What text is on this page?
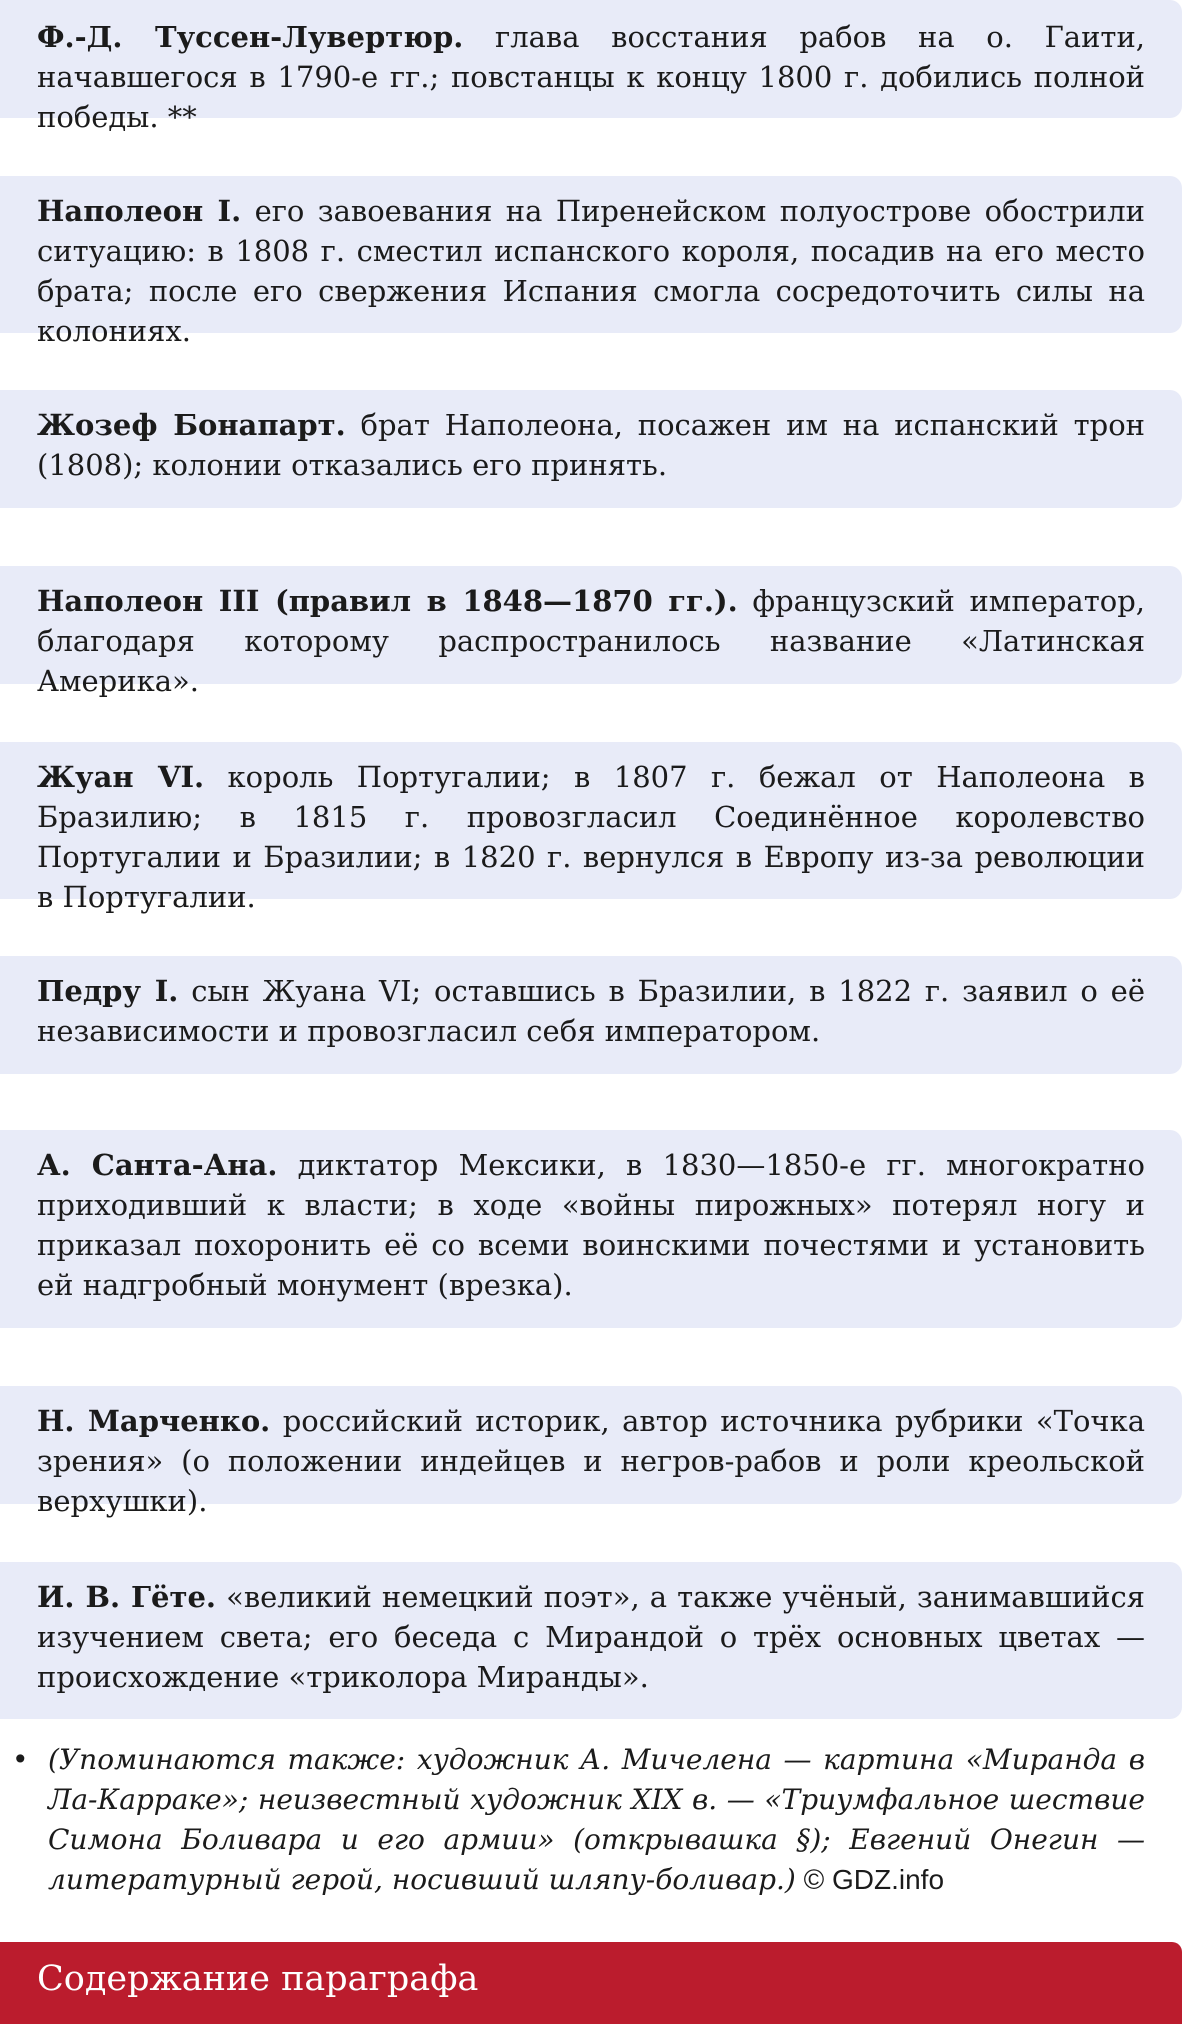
Ф.-Д. Туссен-Лувертюр. глава восстания рабов на о. Гаити, начавшегося в 1790-е гг.; повстанцы к концу 1800 г. добились полной победы. **

Наполеон I. его завоевания на Пиренейском полуострове обострили ситуацию: в 1808 г. сместил испанского короля, посадив на его место брата; после его свержения Испания смогла сосредоточить силы на колониях.

Жозеф Бонапарт. брат Наполеона, посажен им на испанский трон (1808); колонии отказались его принять.

Наполеон III (правил в 1848—1870 гг.). французский император, благодаря которому распространилось название «Латинская Америка».

Жуан VI. король Португалии; в 1807 г. бежал от Наполеона в Бразилию; в 1815 г. провозгласил Соединённое королевство Португалии и Бразилии; в 1820 г. вернулся в Европу из-за революции в Португалии.

Педру I. сын Жуана VI; оставшись в Бразилии, в 1822 г. заявил о её независимости и провозгласил себя императором.

А. Санта-Ана. диктатор Мексики, в 1830—1850-е гг. многократно приходивший к власти; в ходе «войны пирожных» потерял ногу и приказал похоронить её со всеми воинскими почестями и установить ей надгробный монумент (врезка).

Н. Марченко. российский историк, автор источника рубрики «Точка зрения» (о положении индейцев и негров-рабов и роли креольской верхушки).

И. В. Гёте. «великий немецкий поэт», а также учёный, занимавшийся изучением света; его беседа с Мирандой о трёх основных цветах — происхождение «триколора Миранды».

• (Упоминаются также: художник А. Мичелена — картина «Миранда в Ла-Карраке»; неизвестный художник XIX в. — «Триумфальное шествие Симона Боливара и его армии» (открывашка §); Евгений Онегин — литературный герой, носивший шляпу-боливар.) © GDZ.info

Содержание параграфа
